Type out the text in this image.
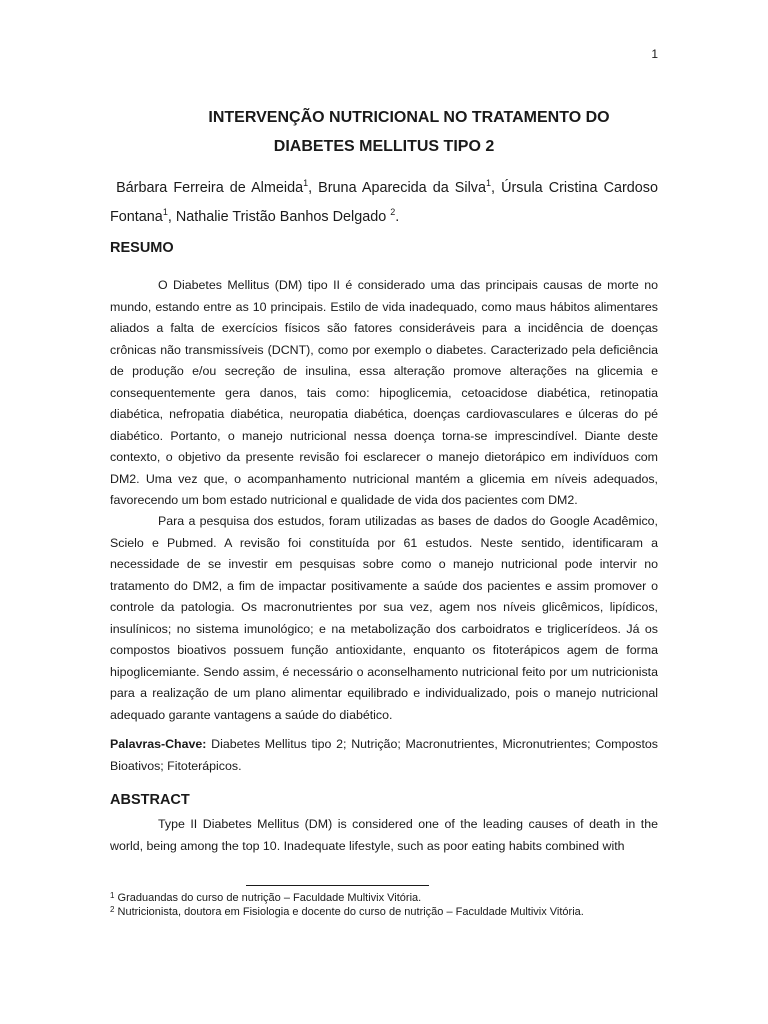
1
INTERVENÇÃO NUTRICIONAL NO TRATAMENTO DO
DIABETES MELLITUS TIPO 2
Bárbara Ferreira de Almeida$^1$, Bruna Aparecida da Silva$^1$, Úrsula Cristina Cardoso Fontana$^1$, Nathalie Tristão Banhos Delgado $^2$.
RESUMO

O Diabetes Mellitus (DM) tipo II é considerado uma das principais causas de morte no mundo, estando entre as 10 principais. Estilo de vida inadequado, como maus hábitos alimentares aliados a falta de exercícios físicos são fatores consideráveis para a incidência de doenças crônicas não transmissíveis (DCNT), como por exemplo o diabetes. Caracterizado pela deficiência de produção e/ou secreção de insulina, essa alteração promove alterações na glicemia e consequentemente gera danos, tais como: hipoglicemia, cetoacidose diabética, retinopatia diabética, nefropatia diabética, neuropatia diabética, doenças cardiovasculares e úlceras do pé diabético. Portanto, o manejo nutricional nessa doença torna-se imprescindível. Diante deste contexto, o objetivo da presente revisão foi esclarecer o manejo dietorápico em indivíduos com DM2. Uma vez que, o acompanhamento nutricional mantém a glicemia em níveis adequados, favorecendo um bom estado nutricional e qualidade de vida dos pacientes com DM2.

Para a pesquisa dos estudos, foram utilizadas as bases de dados do Google Acadêmico, Scielo e Pubmed. A revisão foi constituída por 61 estudos. Neste sentido, identificaram a necessidade de se investir em pesquisas sobre como o manejo nutricional pode intervir no tratamento do DM2, a fim de impactar positivamente a saúde dos pacientes e assim promover o controle da patologia. Os macronutrientes por sua vez, agem nos níveis glicêmicos, lipídicos, insulínicos; no sistema imunológico; e na metabolização dos carboidratos e triglicerídeos. Já os compostos bioativos possuem função antioxidante, enquanto os fitoterápicos agem de forma hipoglicemiante. Sendo assim, é necessário o aconselhamento nutricional feito por um nutricionista para a realização de um plano alimentar equilibrado e individualizado, pois o manejo nutricional adequado garante vantagens a saúde do diabético.

Palavras-Chave: Diabetes Mellitus tipo 2; Nutrição; Macronutrientes, Micronutrientes; Compostos Bioativos; Fitoterápicos.

ABSTRACT

Type II Diabetes Mellitus (DM) is considered one of the leading causes of death in the world, being among the top 10. Inadequate lifestyle, such as poor eating habits combined with

$^1$ Graduandas do curso de nutrição – Faculdade Multivix Vitória.
$^2$ Nutricionista, doutora em Fisiologia e docente do curso de nutrição – Faculdade Multivix Vitória.
